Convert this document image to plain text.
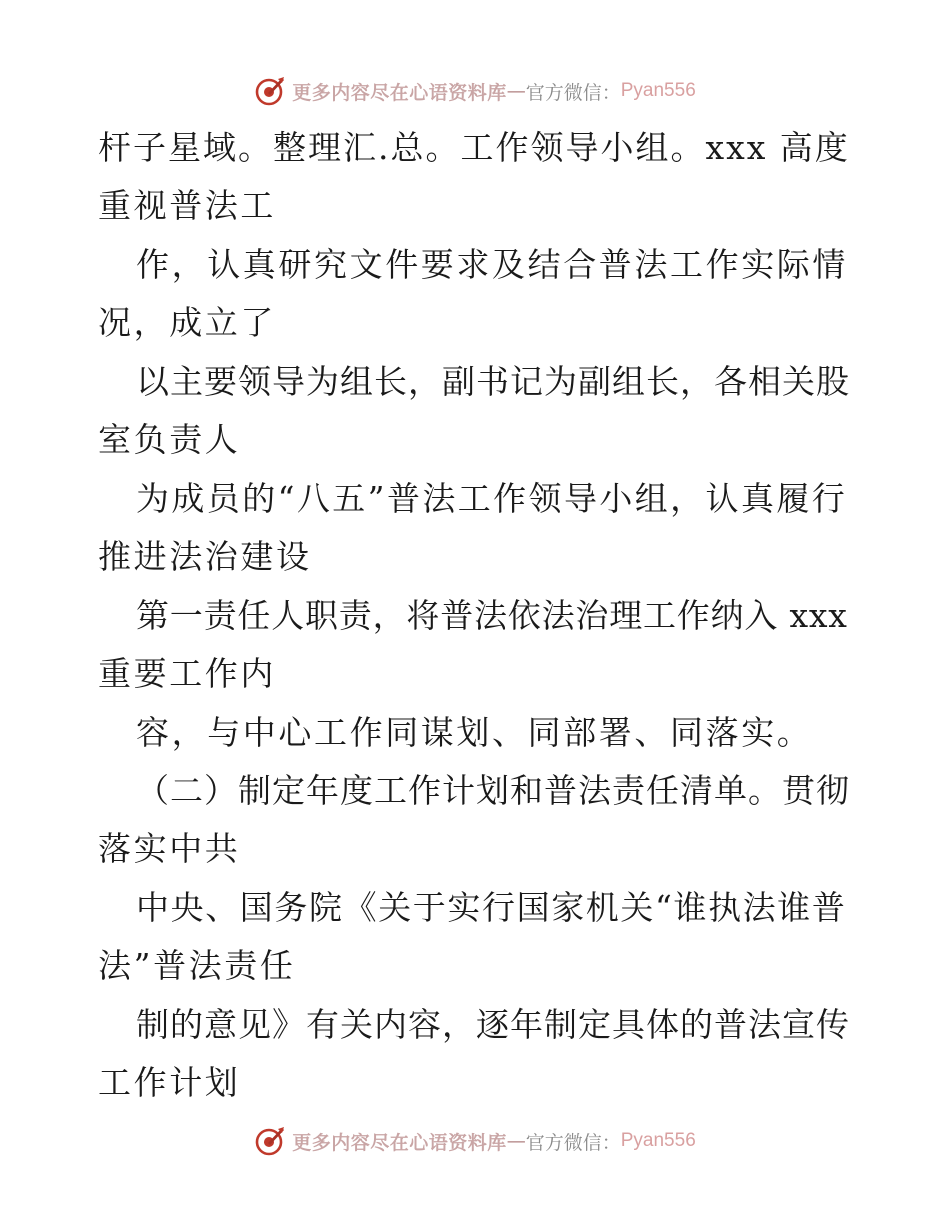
更多内容尽在心语资料库 — 官方微信： Pyan556
杆子星域。整理汇.总。工作领导小组。xxx 高度
重视普法工
作，认真研究文件要求及结合普法工作实际情
况，成立了
以主要领导为组长，副书记为副组长，各相关股
室负责人
为成员的“八五”普法工作领导小组，认真履行
推进法治建设
第一责任人职责，将普法依法治理工作纳入 xxx
重要工作内
容，与中心工作同谋划、同部署、同落实。
（二）制定年度工作计划和普法责任清单。贯彻
落实中共
中央、国务院《关于实行国家机关“谁执法谁普
法”普法责任
制的意见》有关内容，逐年制定具体的普法宣传
工作计划
更多内容尽在心语资料库 — 官方微信： Pyan556
